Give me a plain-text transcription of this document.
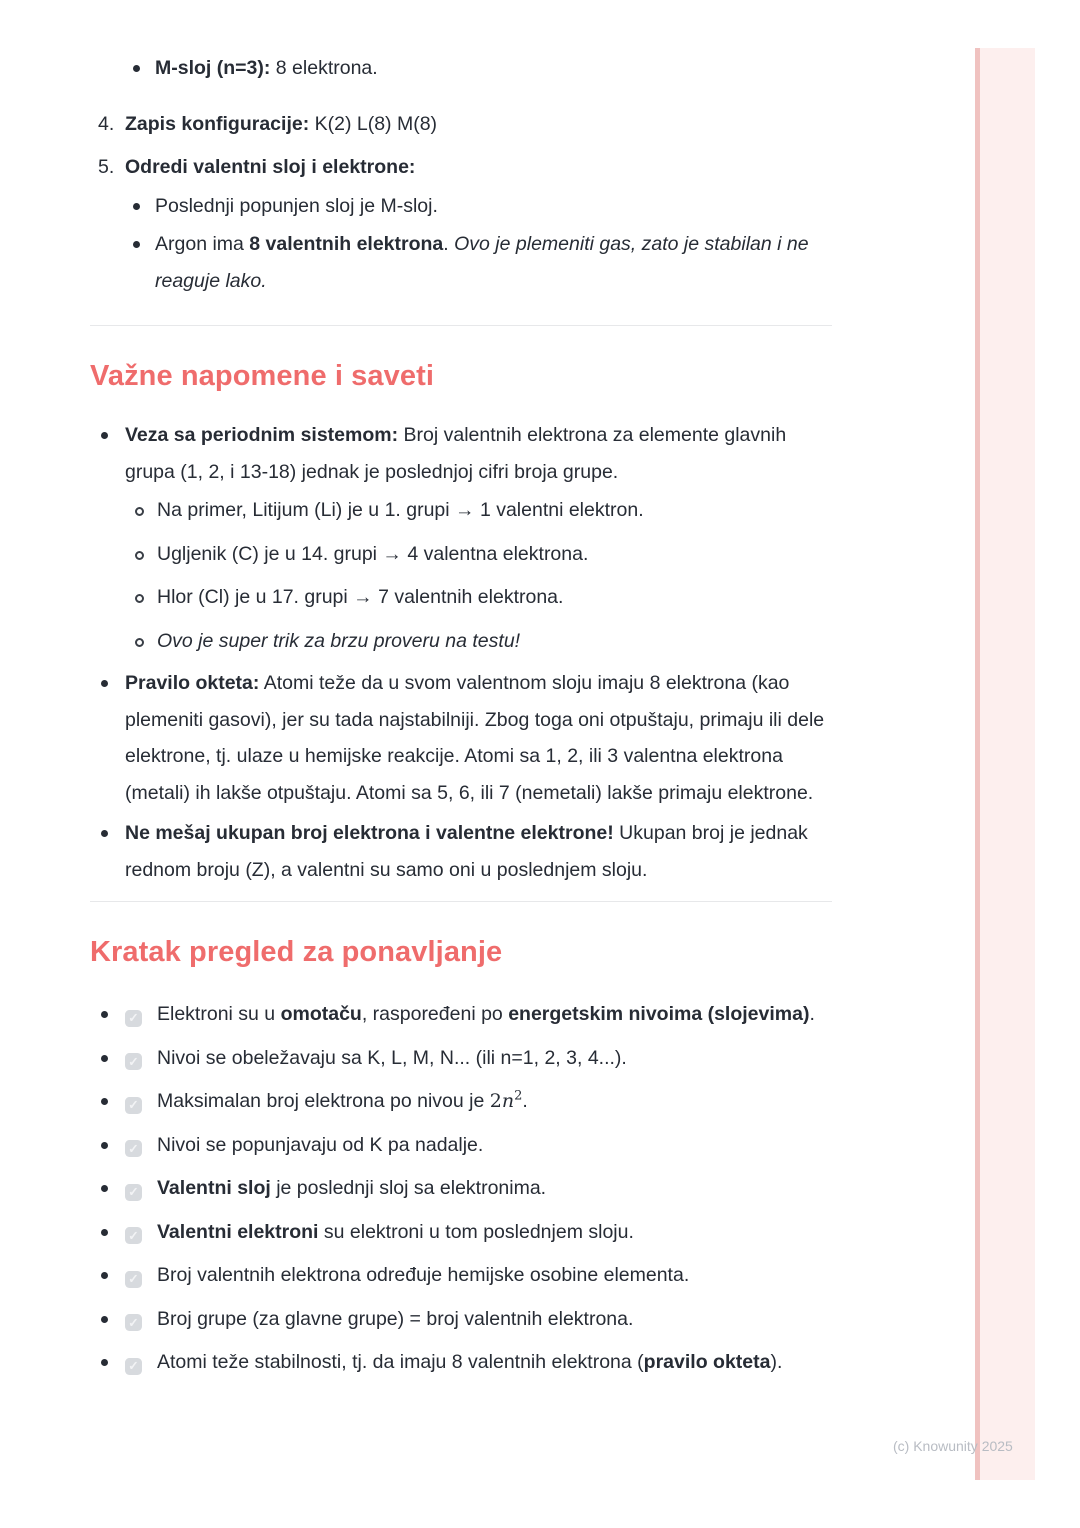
(c) Knowunity 2025
M-sloj (n=3): 8 elektrona.
4. Zapis konfiguracije: K(2) L(8) M(8)
5. Odredi valentni sloj i elektrone:
Poslednji popunjen sloj je M-sloj.
Argon ima 8 valentnih elektrona. Ovo je plemeniti gas, zato je stabilan i ne reaguje lako.
Važne napomene i saveti
Veza sa periodnim sistemom: Broj valentnih elektrona za elemente glavnih grupa (1, 2, i 13-18) jednak je poslednjoj cifri broja grupe.
Na primer, Litijum (Li) je u 1. grupi → 1 valentni elektron.
Ugljenik (C) je u 14. grupi → 4 valentna elektrona.
Hlor (Cl) je u 17. grupi → 7 valentnih elektrona.
Ovo je super trik za brzu proveru na testu!
Pravilo okteta: Atomi teže da u svom valentnom sloju imaju 8 elektrona (kao plemeniti gasovi), jer su tada najstabilniji. Zbog toga oni otpuštaju, primaju ili dele elektrone, tj. ulaze u hemijske reakcije. Atomi sa 1, 2, ili 3 valentna elektrona (metali) ih lakše otpuštaju. Atomi sa 5, 6, ili 7 (nemetali) lakše primaju elektrone.
Ne mešaj ukupan broj elektrona i valentne elektrone! Ukupan broj je jednak rednom broju (Z), a valentni su samo oni u poslednjem sloju.
Kratak pregled za ponavljanje
✓ Elektroni su u omotaču, raspoređeni po energetskim nivoima (slojevima).
✓ Nivoi se obeležavaju sa K, L, M, N... (ili n=1, 2, 3, 4...).
✓ Maksimalan broj elektrona po nivou je $2n^2$.
✓ Nivoi se popunjavaju od K pa nadalje.
✓ Valentni sloj je poslednji sloj sa elektronima.
✓ Valentni elektroni su elektroni u tom poslednjem sloju.
✓ Broj valentnih elektrona određuje hemijske osobine elementa.
✓ Broj grupe (za glavne grupe) = broj valentnih elektrona.
✓ Atomi teže stabilnosti, tj. da imaju 8 valentnih elektrona (pravilo okteta).
